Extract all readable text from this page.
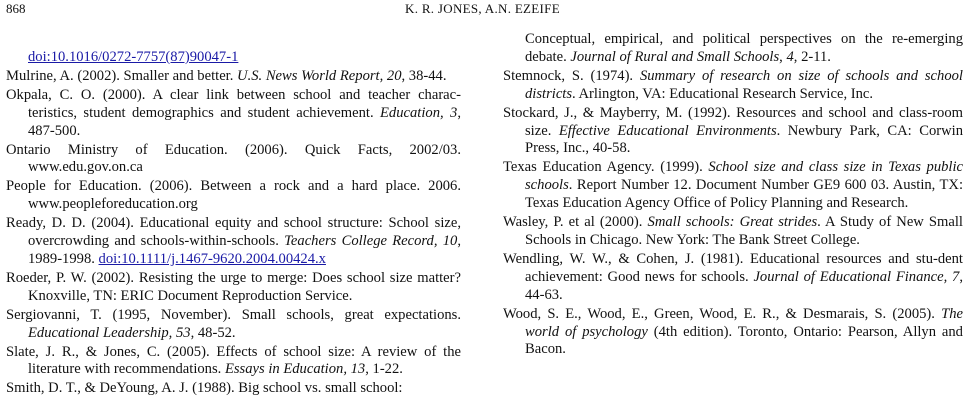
868	K. R. JONES, A.N. EZEIFE

doi:10.1016/0272-7757(87)90047-1

Mulrine, A. (2002). Smaller and better. U.S. News World Report, 20, 38-44.

Okpala, C. O. (2000). A clear link between school and teacher charac-teristics, student demographics and student achievement. Education, 3, 487-500.

Ontario Ministry of Education. (2006). Quick Facts, 2002/03. www.edu.gov.on.ca

People for Education. (2006). Between a rock and a hard place. 2006. www.peopleforeducation.org

Ready, D. D. (2004). Educational equity and school structure: School size, overcrowding and schools-within-schools. Teachers College Record, 10, 1989-1998. doi:10.1111/j.1467-9620.2004.00424.x

Roeder, P. W. (2002). Resisting the urge to merge: Does school size matter? Knoxville, TN: ERIC Document Reproduction Service.

Sergiovanni, T. (1995, November). Small schools, great expectations. Educational Leadership, 53, 48-52.

Slate, J. R., & Jones, C. (2005). Effects of school size: A review of the literature with recommendations. Essays in Education, 13, 1-22.

Smith, D. T., & DeYoung, A. J. (1988). Big school vs. small school:

Conceptual, empirical, and political perspectives on the re-emerging debate. Journal of Rural and Small Schools, 4, 2-11.

Stemnock, S. (1974). Summary of research on size of schools and school districts. Arlington, VA: Educational Research Service, Inc.

Stockard, J., & Mayberry, M. (1992). Resources and school and class-room size. Effective Educational Environments. Newbury Park, CA: Corwin Press, Inc., 40-58.

Texas Education Agency. (1999). School size and class size in Texas public schools. Report Number 12. Document Number GE9 600 03. Austin, TX: Texas Education Agency Office of Policy Planning and Research.

Wasley, P. et al (2000). Small schools: Great strides. A Study of New Small Schools in Chicago. New York: The Bank Street College.

Wendling, W. W., & Cohen, J. (1981). Educational resources and stu-dent achievement: Good news for schools. Journal of Educational Finance, 7, 44-63.

Wood, S. E., Wood, E., Green, Wood, E. R., & Desmarais, S. (2005). The world of psychology (4th edition). Toronto, Ontario: Pearson, Allyn and Bacon.
